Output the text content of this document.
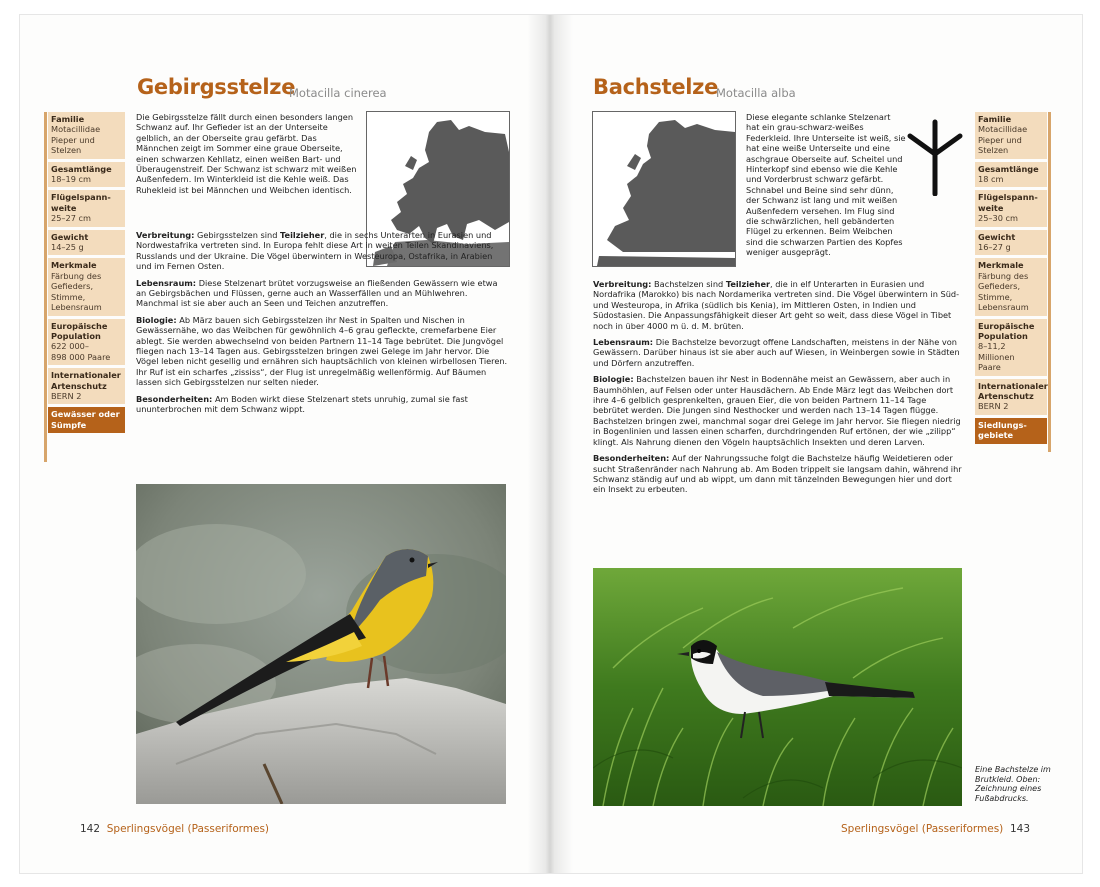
Gebirgsstelze
Motacilla cinerea
Familie
Motacillidae
Pieper und
Stelzen
Gesamtlänge
18–19 cm
Flügelspann-
weite
25–27 cm
Gewicht
14–25 g
Merkmale
Färbung des
Gefieders,
Stimme,
Lebensraum
Europäische
Population
622 000–
898 000 Paare
Internationaler
Artenschutz
BERN 2
Gewässer oder
Sümpfe
Die Gebirgsstelze fällt durch einen besonders langen Schwanz auf. Ihr Gefieder ist an der Unterseite gelblich, an der Oberseite grau gefärbt. Das Männchen zeigt im Sommer eine graue Oberseite, einen schwarzen Kehllatz, einen weißen Bart- und Überaugenstreif. Der Schwanz ist schwarz mit weißen Außenfedern. Im Winterkleid ist die Kehle weiß. Das Ruhekleid ist bei Männchen und Weibchen identisch.

Verbreitung: Gebirgsstelzen sind Teilzieher, die in sechs Unterarten in Eurasien und Nordwestafrika vertreten sind. In Europa fehlt diese Art in weiten Teilen Skandinaviens, Russlands und der Ukraine. Die Vögel überwintern in Westeuropa, Ostafrika, in Arabien und im Fernen Osten.

Lebensraum: Diese Stelzenart brütet vorzugsweise an fließenden Gewässern wie etwa an Gebirgsbächen und Flüssen, gerne auch an Wasserfällen und an Mühlwehren. Manchmal ist sie aber auch an Seen und Teichen anzutreffen.

Biologie: Ab März bauen sich Gebirgsstelzen ihr Nest in Spalten und Nischen in Gewässernähe, wo das Weibchen für gewöhnlich 4–6 grau gefleckte, cremefarbene Eier ablegt. Sie werden abwechselnd von beiden Partnern 11–14 Tage bebrütet. Die Jungvögel fliegen nach 13–14 Tagen aus. Gebirgsstelzen bringen zwei Gelege im Jahr hervor. Die Vögel leben nicht gesellig und ernähren sich hauptsächlich von kleinen wirbellosen Tieren. Ihr Ruf ist ein scharfes „zississ“, der Flug ist unregelmäßig wellenförmig. Auf Bäumen lassen sich Gebirgsstelzen nur selten nieder.

Besonderheiten: Am Boden wirkt diese Stelzenart stets unruhig, zumal sie fast ununterbrochen mit dem Schwanz wippt.

142 Sperlingsvögel (Passeriformes)
Bachstelze
Motacilla alba
Diese elegante schlanke Stelzenart hat ein grau-schwarz-weißes Federkleid. Ihre Unterseite ist weiß, sie hat eine weiße Unterseite und eine aschgraue Oberseite auf. Scheitel und Hinterkopf sind ebenso wie die Kehle und Vorderbrust schwarz gefärbt. Schnabel und Beine sind sehr dünn, der Schwanz ist lang und mit weißen Außenfedern versehen. Im Flug sind die schwärzlichen, hell gebänderten Flügel zu erkennen. Beim Weibchen sind die schwarzen Partien des Kopfes weniger ausgeprägt.
Familie
Motacillidae
Pieper und
Stelzen
Gesamtlänge
18 cm
Flügelspann-
weite
25–30 cm
Gewicht
16–27 g
Merkmale
Färbung des
Gefieders,
Stimme,
Lebensraum
Europäische
Population
8–11,2 Millionen
Paare
Internationaler
Artenschutz
BERN 2
Siedlungs-
gebiete

Verbreitung: Bachstelzen sind Teilzieher, die in elf Unterarten in Eurasien und Nordafrika (Marokko) bis nach Nordamerika vertreten sind. Die Vögel überwintern in Süd- und Westeuropa, in Afrika (südlich bis Kenia), im Mittleren Osten, in Indien und Südostasien. Die Anpassungsfähigkeit dieser Art geht so weit, dass diese Vögel in Tibet noch in über 4000 m ü. d. M. brüten.

Lebensraum: Die Bachstelze bevorzugt offene Landschaften, meistens in der Nähe von Gewässern. Darüber hinaus ist sie aber auch auf Wiesen, in Weinbergen sowie in Städten und Dörfern anzutreffen.

Biologie: Bachstelzen bauen ihr Nest in Bodennähe meist an Gewässern, aber auch in Baumhöhlen, auf Felsen oder unter Hausdächern. Ab Ende März legt das Weibchen dort ihre 4–6 gelblich gesprenkelten, grauen Eier, die von beiden Partnern 11–14 Tage bebrütet werden. Die Jungen sind Nesthocker und werden nach 13–14 Tagen flügge. Bachstelzen bringen zwei, manchmal sogar drei Gelege im Jahr hervor. Sie fliegen niedrig in Bogenlinien und lassen einen scharfen, durchdringenden Ruf ertönen, der wie „zilipp“ klingt. Als Nahrung dienen den Vögeln hauptsächlich Insekten und deren Larven.

Besonderheiten: Auf der Nahrungssuche folgt die Bachstelze häufig Weidetieren oder sucht Straßenränder nach Nahrung ab. Am Boden trippelt sie langsam dahin, während ihr Schwanz ständig auf und ab wippt, um dann mit tänzelnden Bewegungen hier und dort ein Insekt zu erbeuten.

Eine Bachstelze im Brutkleid. Oben: Zeichnung eines Fußabdrucks.
Sperlingsvögel (Passeriformes) 143
